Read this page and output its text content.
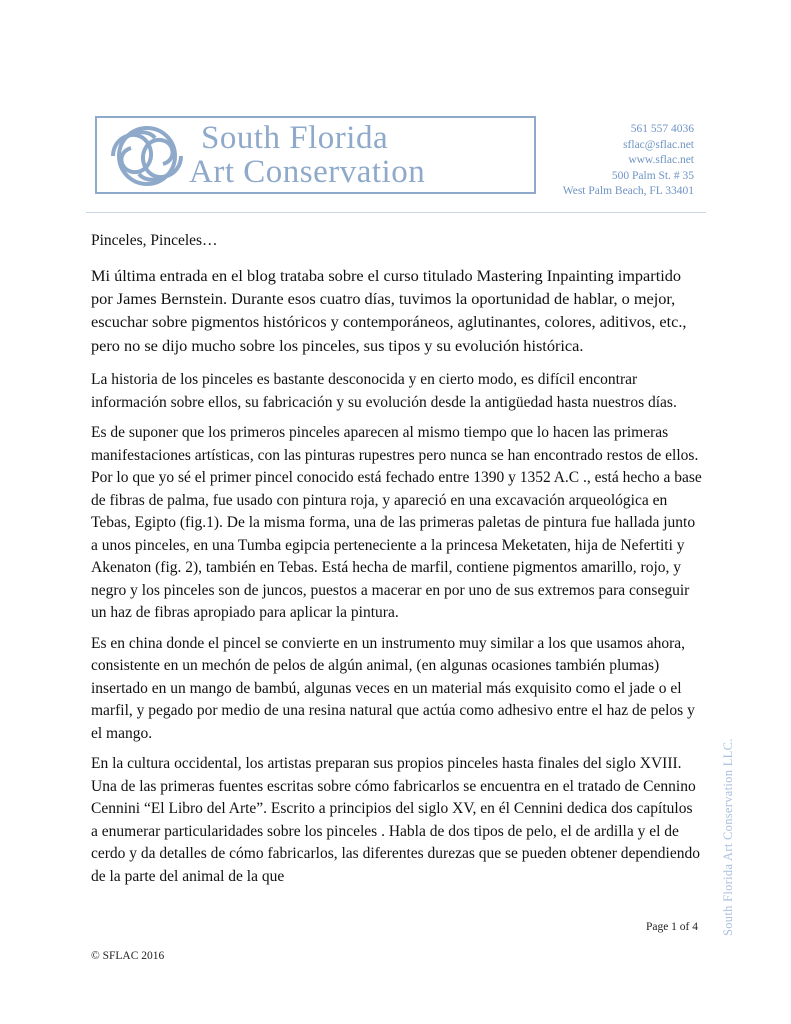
South Florida
Art Conservation
561 557 4036
sflac@sflac.net
www.sflac.net
500 Palm St. # 35
West Palm Beach, FL 33401

Pinceles, Pinceles…

Mi última entrada en el blog trataba sobre el curso titulado Mastering Inpainting impartido por James Bernstein. Durante esos cuatro días, tuvimos la oportunidad de hablar, o mejor, escuchar sobre pigmentos históricos y contemporáneos, aglutinantes, colores, aditivos, etc., pero no se dijo mucho sobre los pinceles, sus tipos y su evolución histórica.

La historia de los pinceles es bastante desconocida y en cierto modo, es difícil encontrar información sobre ellos, su fabricación y su evolución desde la antigüedad hasta nuestros días.

Es de suponer que los primeros pinceles aparecen al mismo tiempo que lo hacen las primeras manifestaciones artísticas, con las pinturas rupestres pero nunca se han encontrado restos de ellos. Por lo que yo sé el primer pincel conocido está fechado entre 1390 y 1352 A.C ., está hecho a base de fibras de palma, fue usado con pintura roja, y apareció en una excavación arqueológica en Tebas, Egipto (fig.1). De la misma forma, una de las primeras paletas de pintura fue hallada junto a unos pinceles, en una Tumba egipcia perteneciente a la princesa Meketaten, hija de Nefertiti y Akenaton (fig. 2), también en Tebas. Está hecha de marfil, contiene pigmentos amarillo, rojo, y negro y los pinceles son de juncos, puestos a macerar en por uno de sus extremos para conseguir un haz de fibras apropiado para aplicar la pintura.

Es en china donde el pincel se convierte en un instrumento muy similar a los que usamos ahora, consistente en un mechón de pelos de algún animal, (en algunas ocasiones también plumas) insertado en un mango de bambú, algunas veces en un material más exquisito como el jade o el marfil, y pegado por medio de una resina natural que actúa como adhesivo entre el haz de pelos y el mango.

En la cultura occidental, los artistas preparan sus propios pinceles hasta finales del siglo XVIII. Una de las primeras fuentes escritas sobre cómo fabricarlos se encuentra en el tratado de Cennino Cennini “El Libro del Arte”. Escrito a principios del siglo XV, en él Cennini dedica dos capítulos a enumerar particularidades sobre los pinceles . Habla de dos tipos de pelo, el de ardilla y el de cerdo y da detalles de cómo fabricarlos, las diferentes durezas que se pueden obtener dependiendo de la parte del animal de la que	South Florida Art Conservation LLC.
Page 1 of 4
© SFLAC 2016
